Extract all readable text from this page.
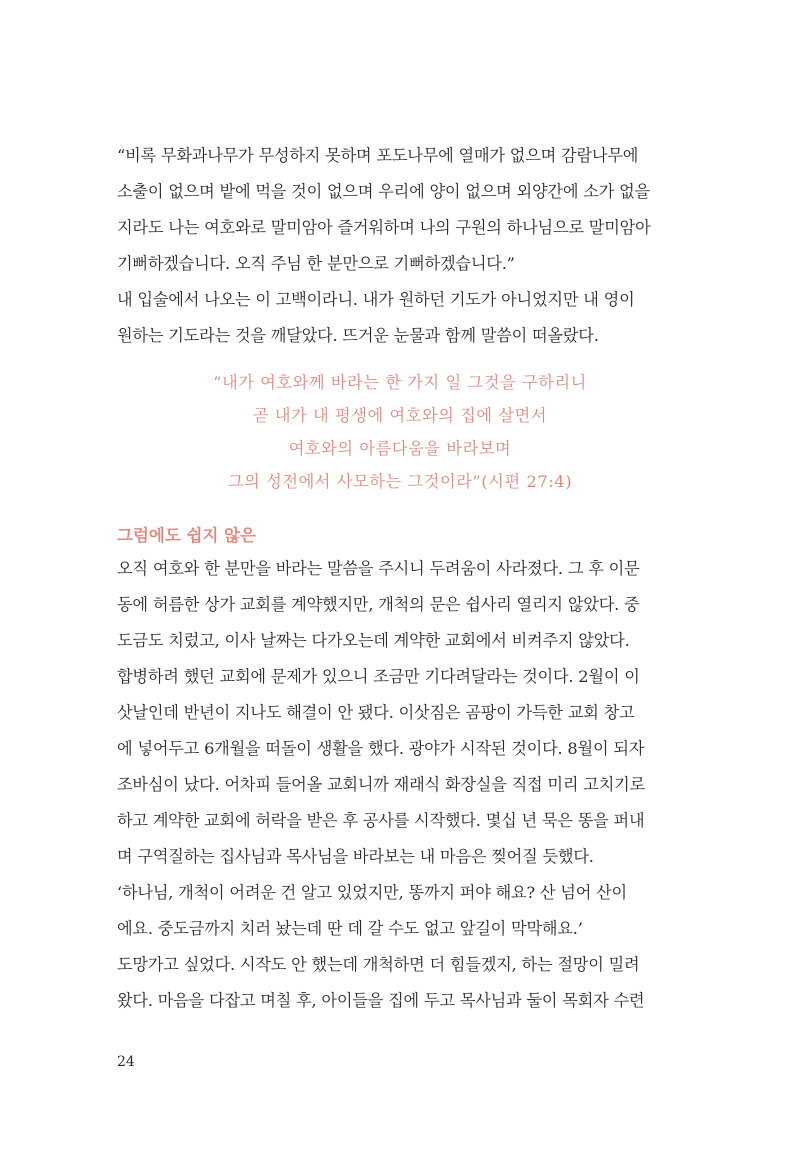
“비록 무화과나무가 무성하지 못하며 포도나무에 열매가 없으며 감람나무에
소출이 없으며 밭에 먹을 것이 없으며 우리에 양이 없으며 외양간에 소가 없을
지라도 나는 여호와로 말미암아 즐거워하며 나의 구원의 하나님으로 말미암아
기뻐하겠습니다. 오직 주님 한 분만으로 기뻐하겠습니다.”
내 입술에서 나오는 이 고백이라니. 내가 원하던 기도가 아니었지만 내 영이
원하는 기도라는 것을 깨달았다. 뜨거운 눈물과 함께 말씀이 떠올랐다.
“내가 여호와께 바라는 한 가지 일 그것을 구하리니
곧 내가 내 평생에 여호와의 집에 살면서
여호와의 아름다움을 바라보며
그의 성전에서 사모하는 그것이라”(시편 27:4)
그럼에도 쉽지 않은
오직 여호와 한 분만을 바라는 말씀을 주시니 두려움이 사라졌다. 그 후 이문
동에 허름한 상가 교회를 계약했지만, 개척의 문은 쉽사리 열리지 않았다. 중
도금도 치렀고, 이사 날짜는 다가오는데 계약한 교회에서 비켜주지 않았다.
합병하려 했던 교회에 문제가 있으니 조금만 기다려달라는 것이다. 2월이 이
삿날인데 반년이 지나도 해결이 안 됐다. 이삿짐은 곰팡이 가득한 교회 창고
에 넣어두고 6개월을 떠돌이 생활을 했다. 광야가 시작된 것이다. 8월이 되자
조바심이 났다. 어차피 들어올 교회니까 재래식 화장실을 직접 미리 고치기로
하고 계약한 교회에 허락을 받은 후 공사를 시작했다. 몇십 년 묵은 똥을 퍼내
며 구역질하는 집사님과 목사님을 바라보는 내 마음은 찢어질 듯했다.
‘하나님, 개척이 어려운 건 알고 있었지만, 똥까지 퍼야 해요? 산 넘어 산이
에요. 중도금까지 치러 놨는데 딴 데 갈 수도 없고 앞길이 막막해요.’
도망가고 싶었다. 시작도 안 했는데 개척하면 더 힘들겠지, 하는 절망이 밀려
왔다. 마음을 다잡고 며칠 후, 아이들을 집에 두고 목사님과 둘이 목회자 수련
24
